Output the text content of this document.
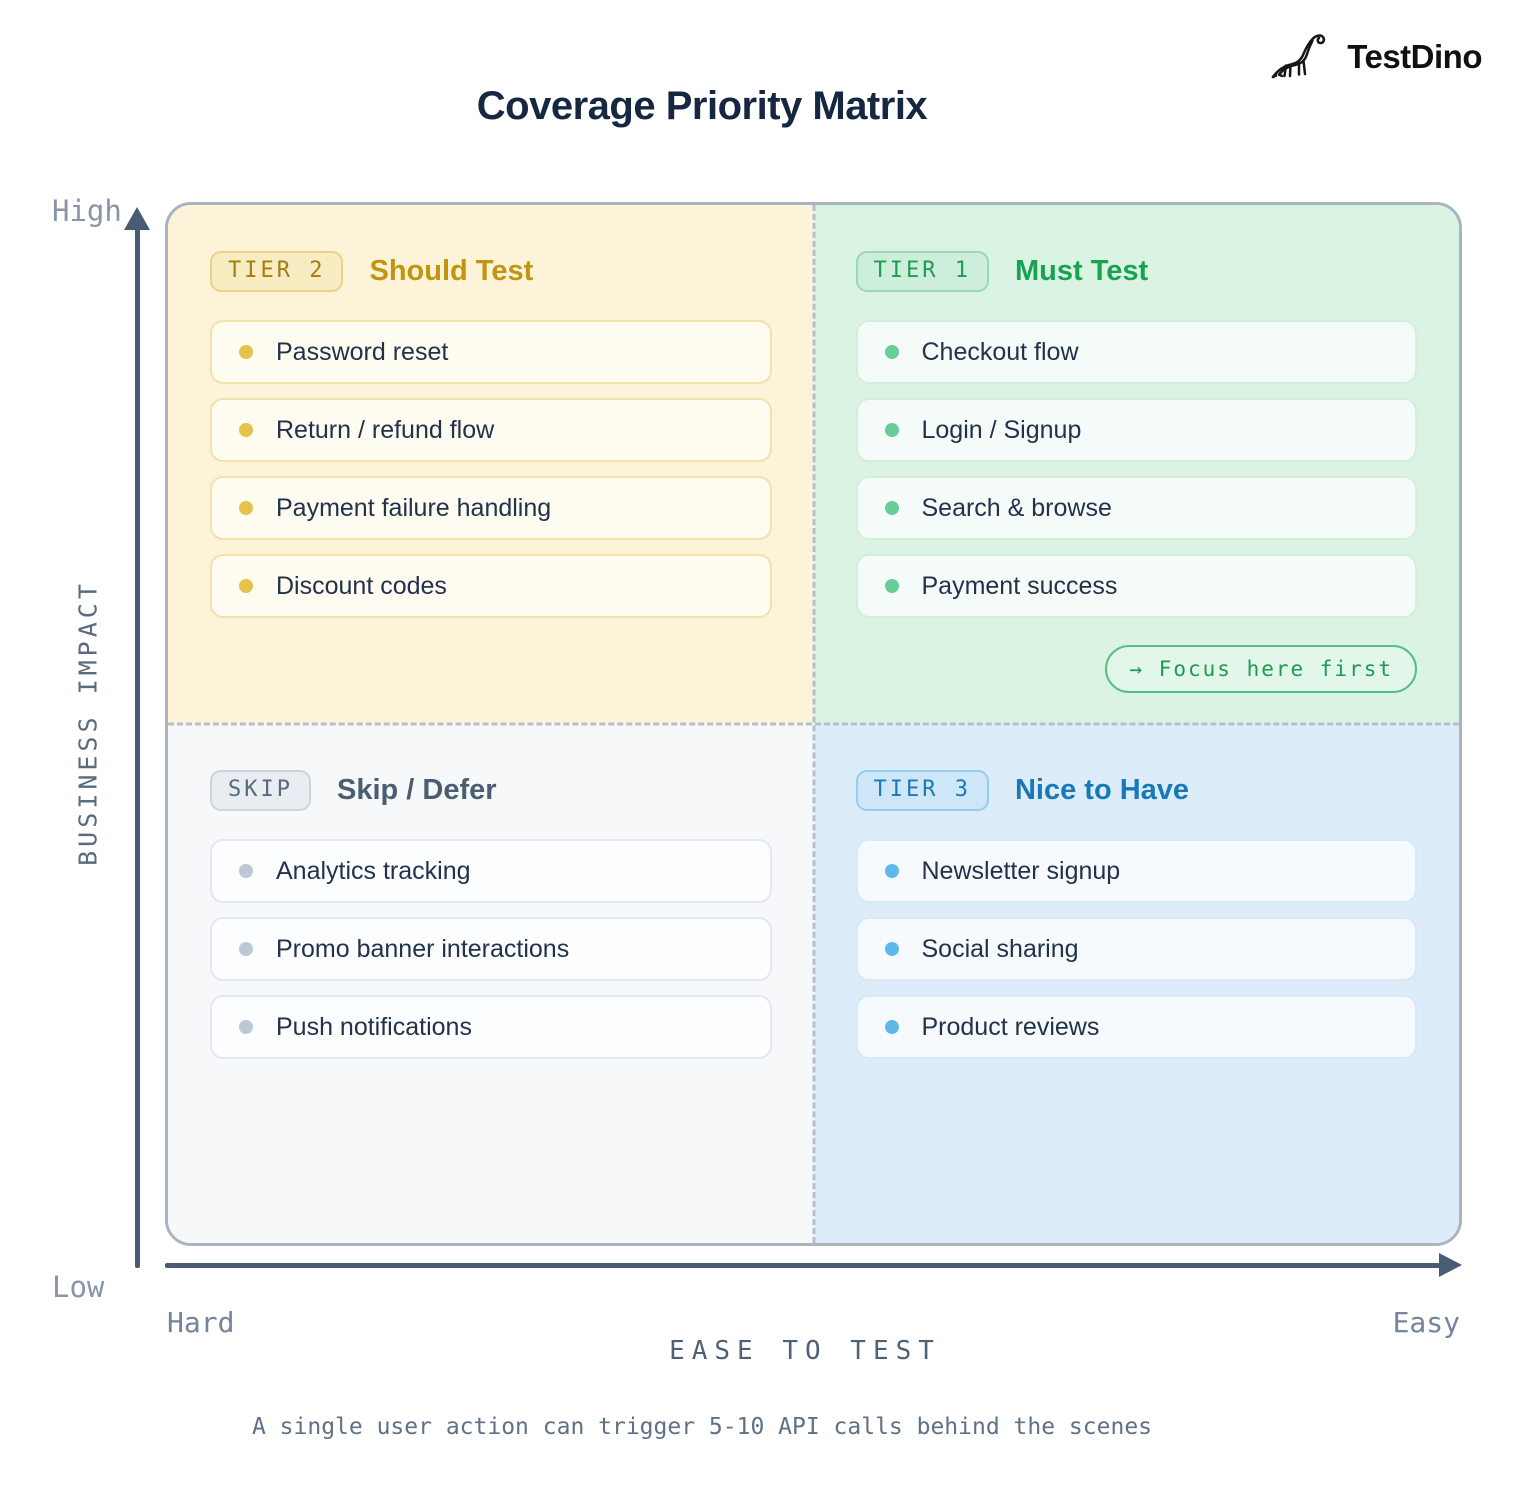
Coverage Priority Matrix
TestDino
High
Low
BUSINESS IMPACT
TIER 2	Should Test
Password reset
Return / refund flow
Payment failure handling
Discount codes
TIER 1	Must Test
Checkout flow
Login / Signup
Search & browse
Payment success
→ Focus here first
SKIP	Skip / Defer
Analytics tracking
Promo banner interactions
Push notifications
TIER 3	Nice to Have
Newsletter signup
Social sharing
Product reviews
Hard	Easy
EASE TO TEST
A single user action can trigger 5-10 API calls behind the scenes
